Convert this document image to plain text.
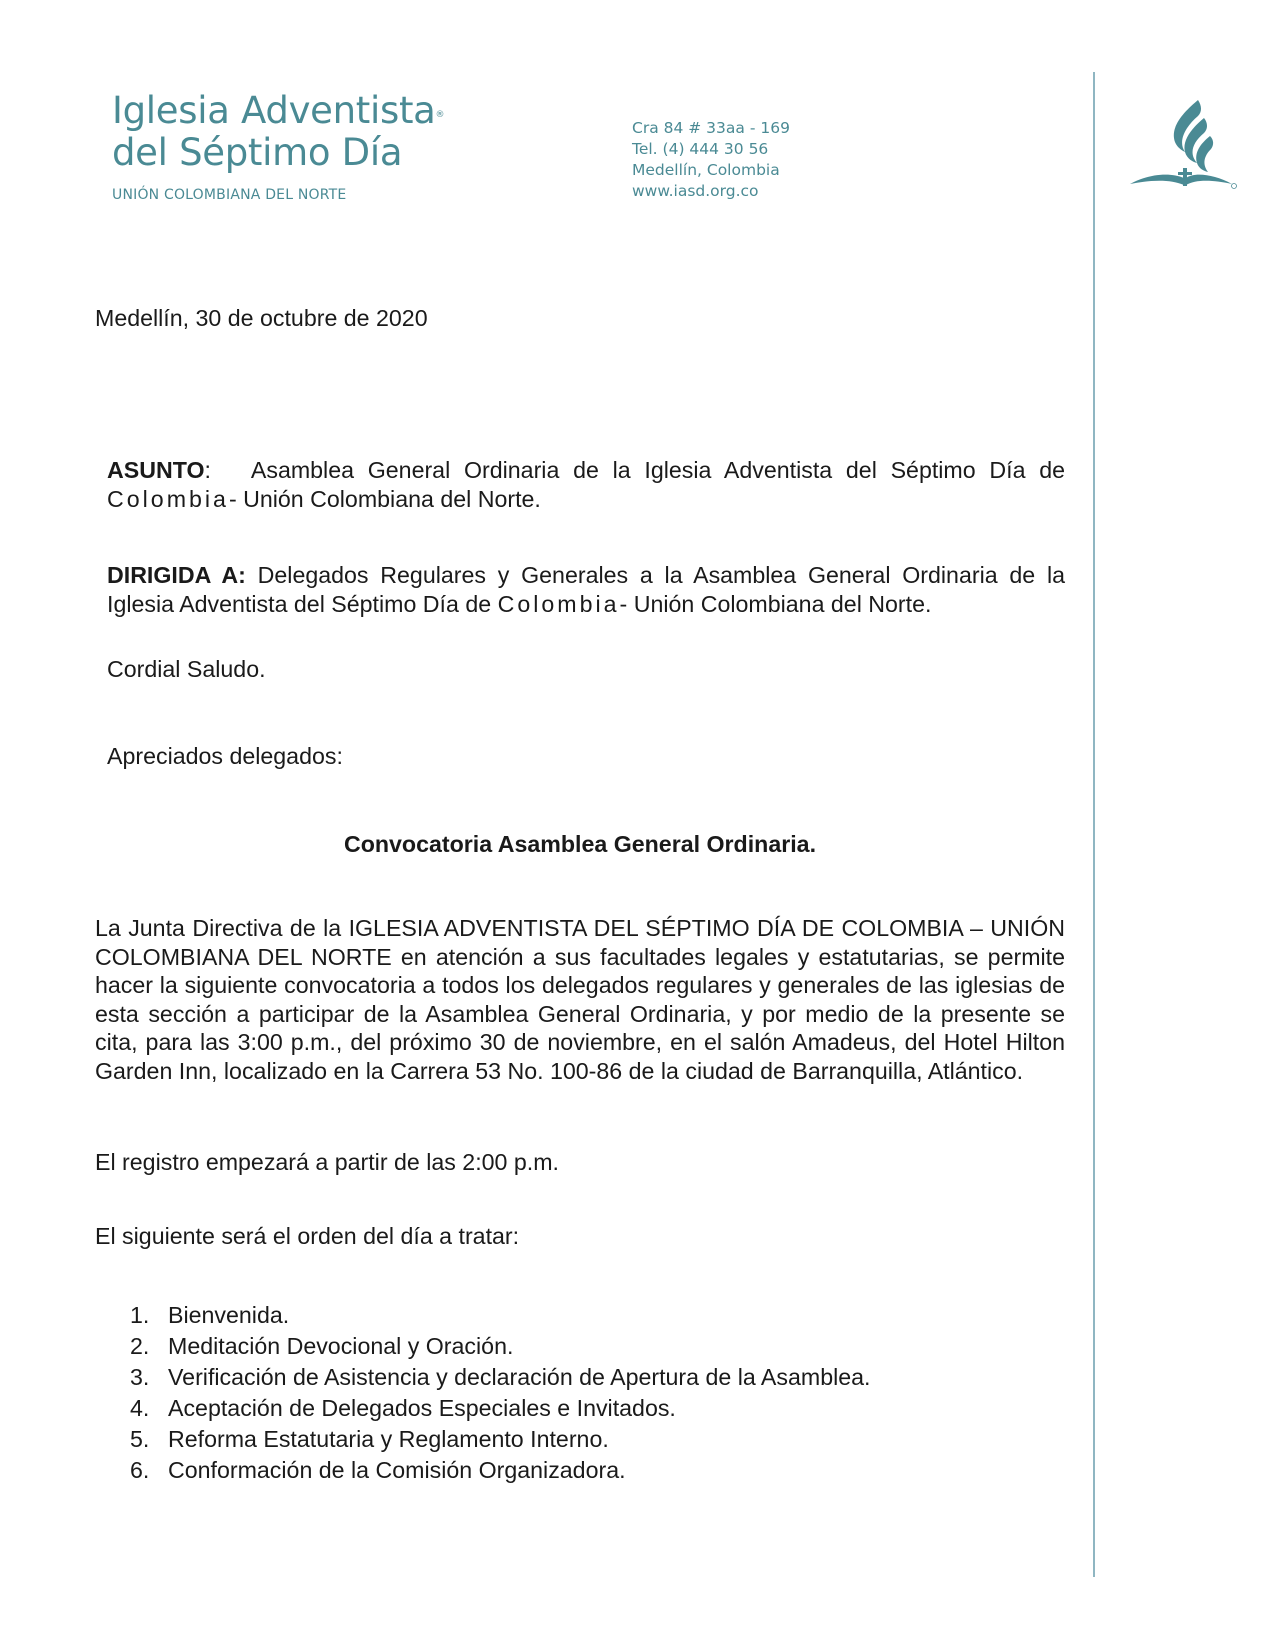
Iglesia Adventista®
del Séptimo Día
UNIÓN COLOMBIANA DEL NORTE
Cra 84 # 33aa - 169
Tel. (4) 444 30 56
Medellín, Colombia
www.iasd.org.co
Medellín, 30 de octubre de 2020
ASUNTO: Asamblea General Ordinaria de la Iglesia Adventista del Séptimo Día de Colombia- Unión Colombiana del Norte.
DIRIGIDA A: Delegados Regulares y Generales a la Asamblea General Ordinaria de la Iglesia Adventista del Séptimo Día de Colombia- Unión Colombiana del Norte.
Cordial Saludo.
Apreciados delegados:
Convocatoria Asamblea General Ordinaria.
La Junta Directiva de la IGLESIA ADVENTISTA DEL SÉPTIMO DÍA DE COLOMBIA – UNIÓN COLOMBIANA DEL NORTE en atención a sus facultades legales y estatutarias, se permite hacer la siguiente convocatoria a todos los delegados regulares y generales de las iglesias de esta sección a participar de la Asamblea General Ordinaria, y por medio de la presente se cita, para las 3:00 p.m., del próximo 30 de noviembre, en el salón Amadeus, del Hotel Hilton Garden Inn, localizado en la Carrera 53 No. 100-86 de la ciudad de Barranquilla, Atlántico.
El registro empezará a partir de las 2:00 p.m.
El siguiente será el orden del día a tratar:
1. Bienvenida.
2. Meditación Devocional y Oración.
3. Verificación de Asistencia y declaración de Apertura de la Asamblea.
4. Aceptación de Delegados Especiales e Invitados.
5. Reforma Estatutaria y Reglamento Interno.
6. Conformación de la Comisión Organizadora.
